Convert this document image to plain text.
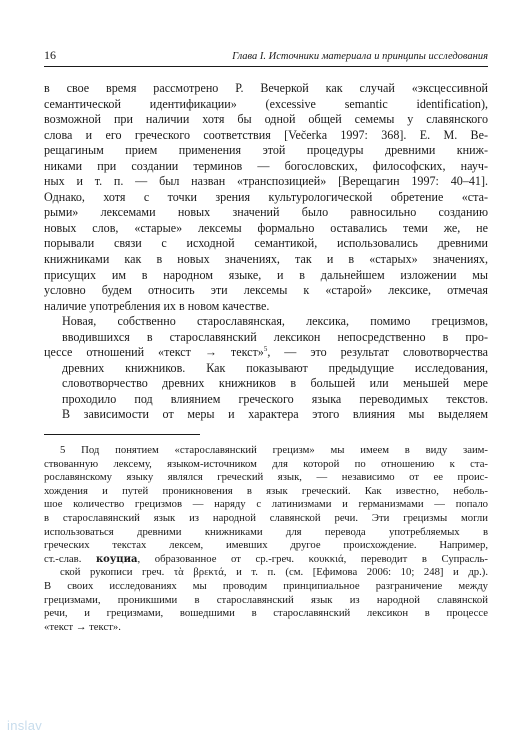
16	Глава I. Источники материала и принципы исследования

в свое время рассмотрено Р. Вечеркой как случай «эксцессивной
семантической идентификации» (excessive semantic identification),
возможной при наличии хотя бы одной общей семемы у славянского
слова и его греческого соответствия [Večerka 1997: 368]. Е. М. Ве-
рещагиным прием применения этой процедуры древними книж-
никами при создании терминов — богословских, философских, науч-
ных и т. п. — был назван «транспозицией» [Верещагин 1997: 40–41].
Однако, хотя с точки зрения культурологической обретение «ста-
рыми» лексемами новых значений было равносильно созданию
новых слов, «старые» лексемы формально оставались теми же, не
порывали связи с исходной семантикой, использовались древними
книжниками как в новых значениях, так и в «старых» значениях,
присущих им в народном языке, и в дальнейшем изложении мы
условно будем относить эти лексемы к «старой» лексике, отмечая
наличие употребления их в новом качестве.

Новая, собственно старославянская, лексика, помимо грецизмов,
вводившихся в старославянский лексикон непосредственно в про-
цессе отношений «текст → текст»$^5$, — это результат словотворчества
древних книжников. Как показывают предыдущие исследования,
словотворчество древних книжников в большей или меньшей мере
проходило под влиянием греческого языка переводимых текстов.
В зависимости от меры и характера этого влияния мы выделяем

5 Под понятием «старославянский грецизм» мы имеем в виду заим-
ствованную лексему, языком-источником для которой по отношению к ста-
рославянскому языку являлся греческий язык, — независимо от ее проис-
хождения и путей проникновения в язык греческий. Как известно, неболь-
шое количество грецизмов — наряду с латинизмами и германизмами — попало
в старославянский язык из народной славянской речи. Эти грецизмы могли
использоваться древними книжниками для перевода употребляемых в
греческих текстах лексем, имевших другое происхождение. Например,
ст.-слав. коуциа, образованное от ср.-греч. κουκκιά, переводит в Супрасль-
ской рукописи греч. τὰ βρεκτά, и т. п. (см. [Ефимова 2006: 10; 248] и др.).
В своих исследованиях мы проводим принципиальное разграничение между
грецизмами, проникшими в старославянский язык из народной славянской
речи, и грецизмами, вошедшими в старославянский лексикон в процессе
«текст → текст».
inslav
